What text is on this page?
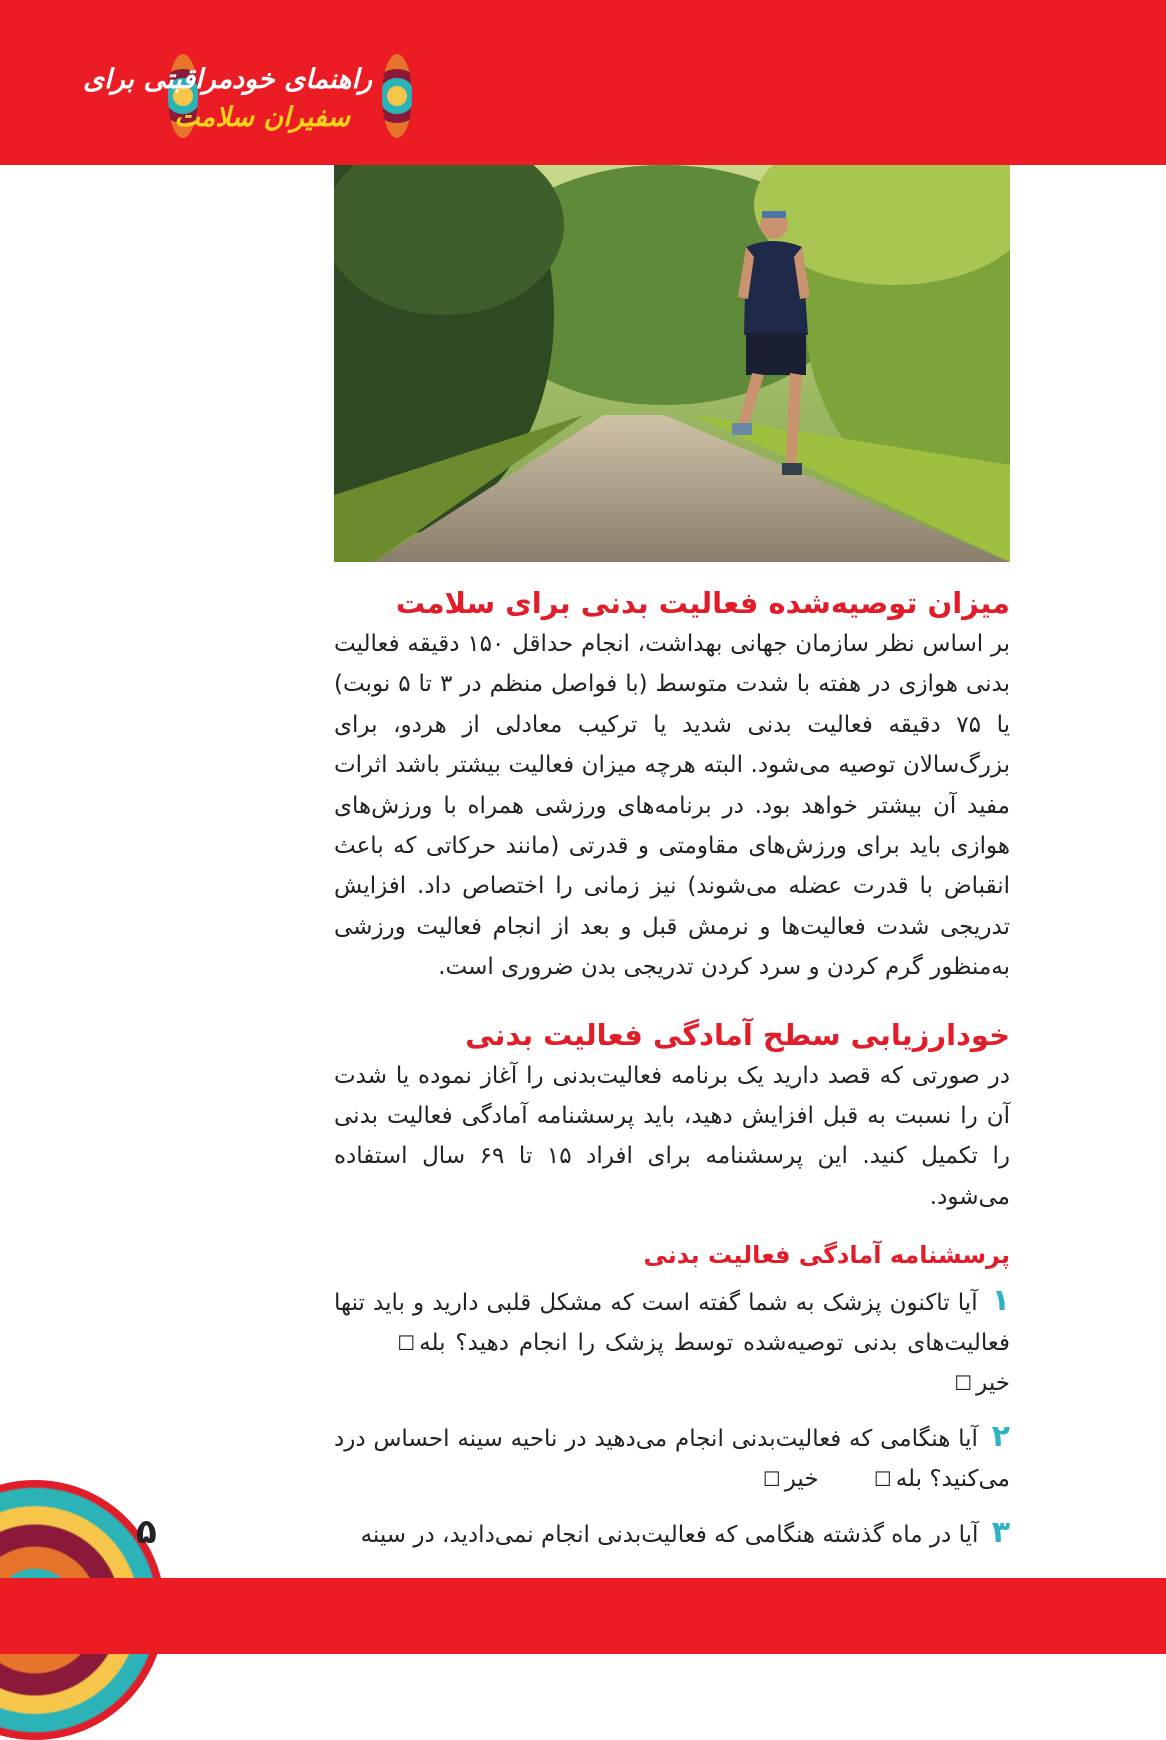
راهنمای خودمراقبتی برای
سفیران سلامت
میزان توصیه‌شده فعالیت بدنی برای سلامت

بر اساس نظر سازمان جهانی بهداشت، انجام حداقل ۱۵۰ دقیقه فعالیت بدنی هوازی در هفته با شدت متوسط (با فواصل منظم در ۳ تا ۵ نوبت) یا ۷۵ دقیقه فعالیت بدنی شدید یا ترکیب معادلی از هردو، برای بزرگ‌سالان توصیه می‌شود. البته هرچه میزان فعالیت بیشتر باشد اثرات مفید آن بیشتر خواهد بود. در برنامه‌های ورزشی همراه با ورزش‌های هوازی باید برای ورزش‌های مقاومتی و قدرتی (مانند حرکاتی که باعث انقباض با قدرت عضله می‌شوند) نیز زمانی را اختصاص داد. افزایش تدریجی شدت فعالیت‌ها و نرمش قبل و بعد از انجام فعالیت ورزشی به‌منظور گرم کردن و سرد کردن تدریجی بدن ضروری است.

خودارزیابی سطح آمادگی فعالیت بدنی

در صورتی که قصد دارید یک برنامه فعالیت‌بدنی را آغاز نموده یا شدت آن را نسبت به قبل افزایش دهید، باید پرسشنامه آمادگی فعالیت بدنی را تکمیل کنید. این پرسشنامه برای افراد ۱۵ تا ۶۹ سال استفاده می‌شود.

پرسشنامه آمادگی فعالیت بدنی

۱ آیا تاکنون پزشک به شما گفته است که مشکل قلبی دارید و باید تنها فعالیت‌های بدنی توصیه‌شده توسط پزشک را انجام دهید؟ بله☐       خیر☐

۲ آیا هنگامی که فعالیت‌بدنی انجام می‌دهید در ناحیه سینه احساس درد می‌کنید؟ بله☐       خیر☐

۳ آیا در ماه گذشته هنگامی که فعالیت‌بدنی انجام نمی‌دادید، در سینه

۵
